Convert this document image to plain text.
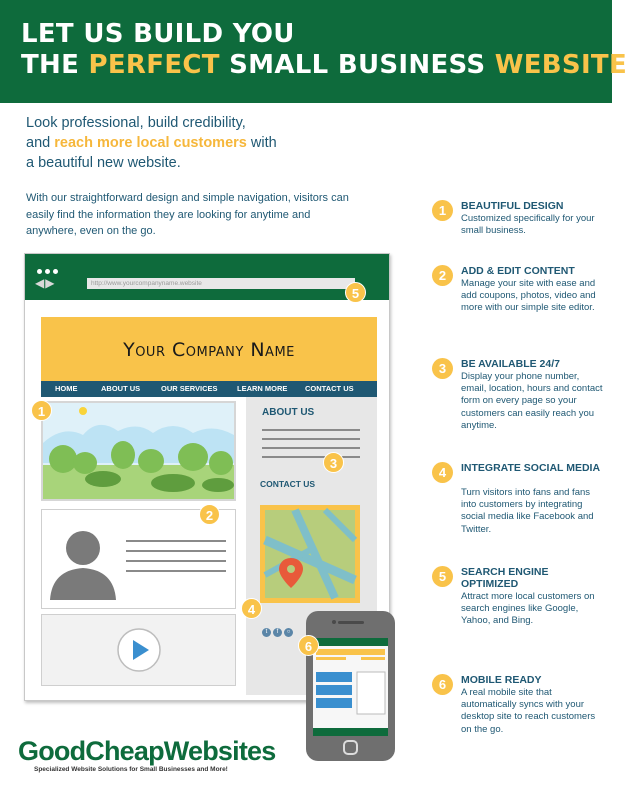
LET US BUILD YOU
THE PERFECT SMALL BUSINESS WEBSITE
Look professional, build credibility,
and reach more local customers with
a beautiful new website.
With our straightforward design and simple navigation, visitors can easily find the information they are looking for anytime and anywhere, even on the go.
1	BEAUTIFUL DESIGN
Customized specifically for your small business.
2	ADD & EDIT CONTENT
Manage your site with ease and add coupons, photos, video and more with our simple site editor.
3	BE AVAILABLE 24/7
Display your phone number, email, location, hours and contact form on every page so your customers can easily reach you anytime.
4	INTEGRATE SOCIAL MEDIA
Turn visitors into fans and fans into customers by integrating social media like Facebook and Twitter.
5	SEARCH ENGINE OPTIMIZED
Attract more local customers on search engines like Google, Yahoo, and Bing.
6	MOBILE READY
A real mobile site that automatically syncs with your desktop site to reach customers on the go.
◀▶	http://www.yourcompanyname.website
Your Company Name
HOME	ABOUT US	OUR SERVICES	LEARN MORE CONTACT US
ABOUT US
CONTACT US
t f ○
1
2
3
4
5
6
GoodCheapWebsites
Specialized Website Solutions for Small Businesses and More!
